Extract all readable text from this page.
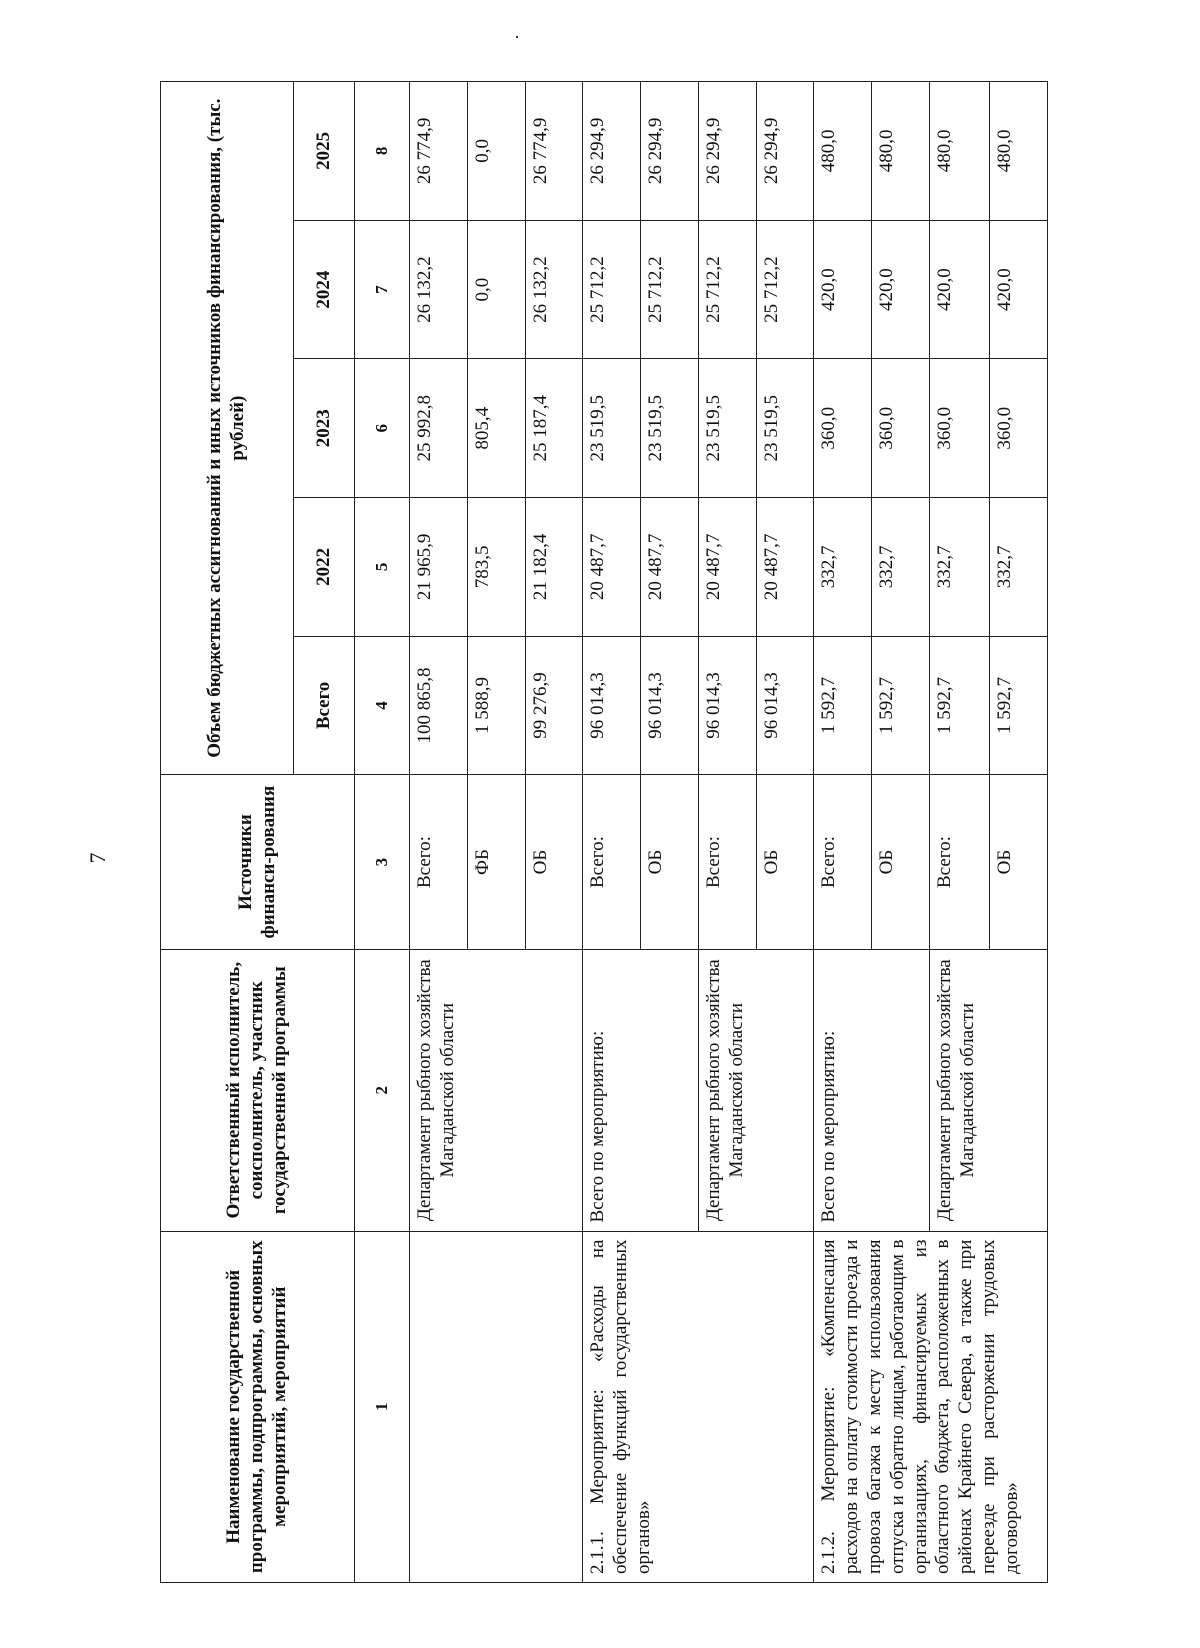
7
Наименование государственной программы, подпрограммы, основных мероприятий, мероприятий	Ответственный исполнитель, соисполнитель, участник государственной программы	Источники финанси-рования	Объем бюджетных ассигнований и иных источников финансирования, (тыс. рублей)				
			Всего	2022	2023	2024	2025
1	2	3	4	5	6	7	8
	Департамент рыбного хозяйства Магаданской области	Всего:	100 865,8	21 965,9	25 992,8	26 132,2	26 774,9
		ФБ	1 588,9	783,5	805,4	0,0	0,0
		ОБ	99 276,9	21 182,4	25 187,4	26 132,2	26 774,9
2.1.1. Мероприятие: «Расходы на обеспечение функций государственных органов»	Всего по мероприятию:	Всего:	96 014,3	20 487,7	23 519,5	25 712,2	26 294,9
		ОБ	96 014,3	20 487,7	23 519,5	25 712,2	26 294,9
	Департамент рыбного хозяйства Магаданской области	Всего:	96 014,3	20 487,7	23 519,5	25 712,2	26 294,9
		ОБ	96 014,3	20 487,7	23 519,5	25 712,2	26 294,9
2.1.2. Мероприятие: «Компенсация расходов на оплату стоимости проезда и провоза багажа к месту использования отпуска и обратно лицам, работающим в организациях, финансируемых из областного бюджета, расположенных в районах Крайнего Севера, а также при переезде при расторжении трудовых договоров»	Всего по мероприятию:	Всего:	1 592,7	332,7	360,0	420,0	480,0
		ОБ	1 592,7	332,7	360,0	420,0	480,0
	Департамент рыбного хозяйства Магаданской области	Всего:	1 592,7	332,7	360,0	420,0	480,0
		ОБ	1 592,7	332,7	360,0	420,0	480,0
